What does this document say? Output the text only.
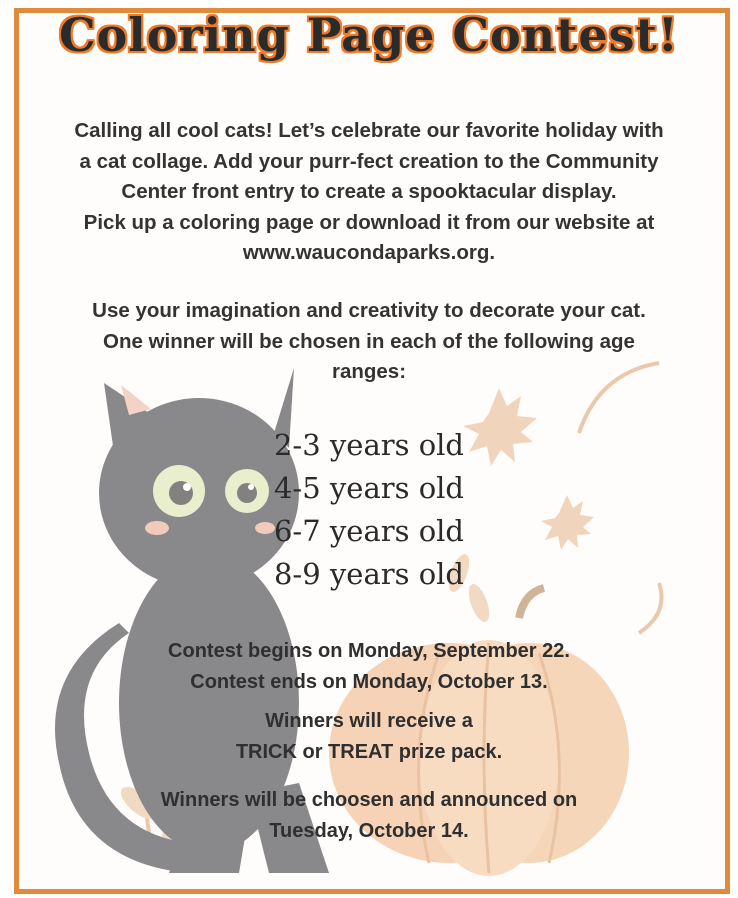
Coloring Page Contest!

Calling all cool cats! Let’s celebrate our favorite holiday with
a cat collage. Add your purr-fect creation to the Community
Center front entry to create a spooktacular display.
Pick up a coloring page or download it from our website at
www.waucondaparks.org.

Use your imagination and creativity to decorate your cat.
One winner will be chosen in each of the following age
ranges:

2-3 years old
4-5 years old
6-7 years old
8-9 years old

Contest begins on Monday, September 22.
Contest ends on Monday, October 13.

Winners will receive a
TRICK or TREAT prize pack.

Winners will be choosen and announced on
Tuesday, October 14.
